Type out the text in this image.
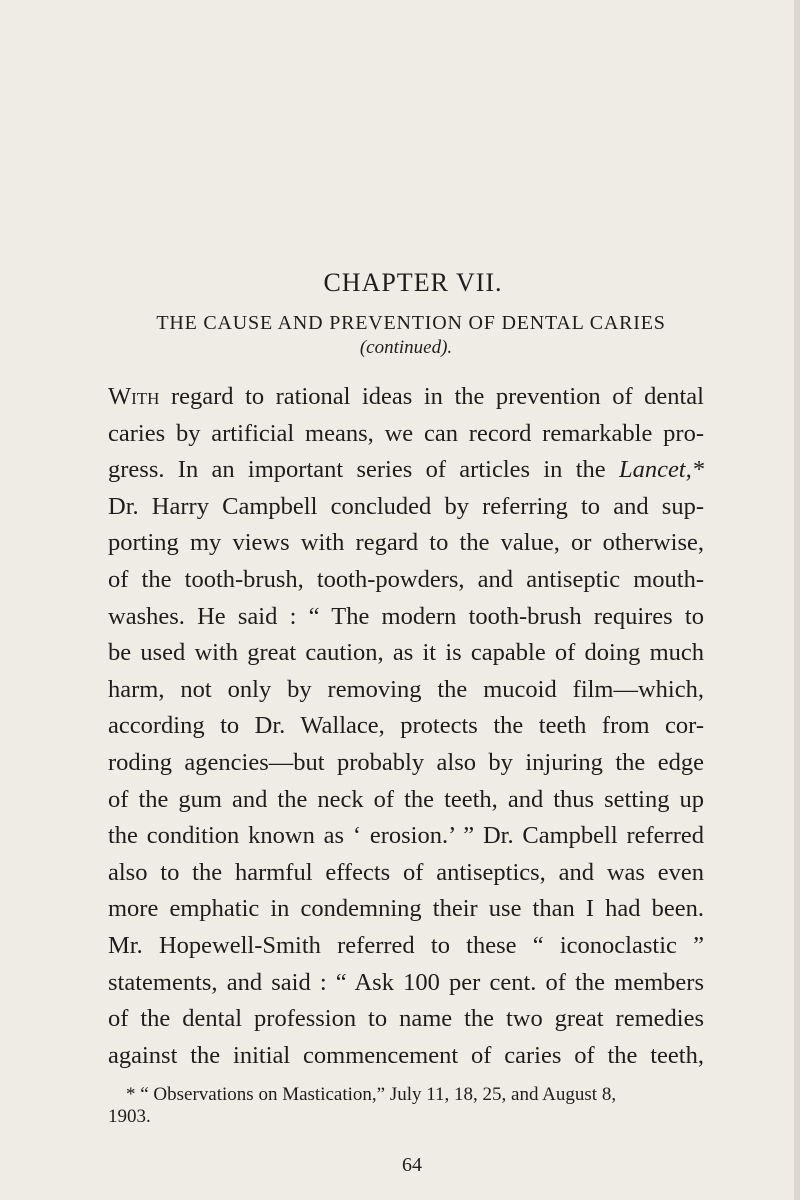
CHAPTER VII.
THE CAUSE AND PREVENTION OF DENTAL CARIES
(continued).
With regard to rational ideas in the prevention of dental
caries by artificial means, we can record remarkable pro-
gress. In an important series of articles in the Lancet,*
Dr. Harry Campbell concluded by referring to and sup-
porting my views with regard to the value, or otherwise,
of the tooth-brush, tooth-powders, and antiseptic mouth-
washes. He said : “ The modern tooth-brush requires to
be used with great caution, as it is capable of doing much
harm, not only by removing the mucoid film—which,
according to Dr. Wallace, protects the teeth from cor-
roding agencies—but probably also by injuring the edge
of the gum and the neck of the teeth, and thus setting up
the condition known as ‘ erosion.’ ” Dr. Campbell referred
also to the harmful effects of antiseptics, and was even
more emphatic in condemning their use than I had been.
Mr. Hopewell-Smith referred to these “ iconoclastic ”
statements, and said : “ Ask 100 per cent. of the members
of the dental profession to name the two great remedies
against the initial commencement of caries of the teeth,
* “ Observations on Mastication,” July 11, 18, 25, and August 8,
1903.
64
